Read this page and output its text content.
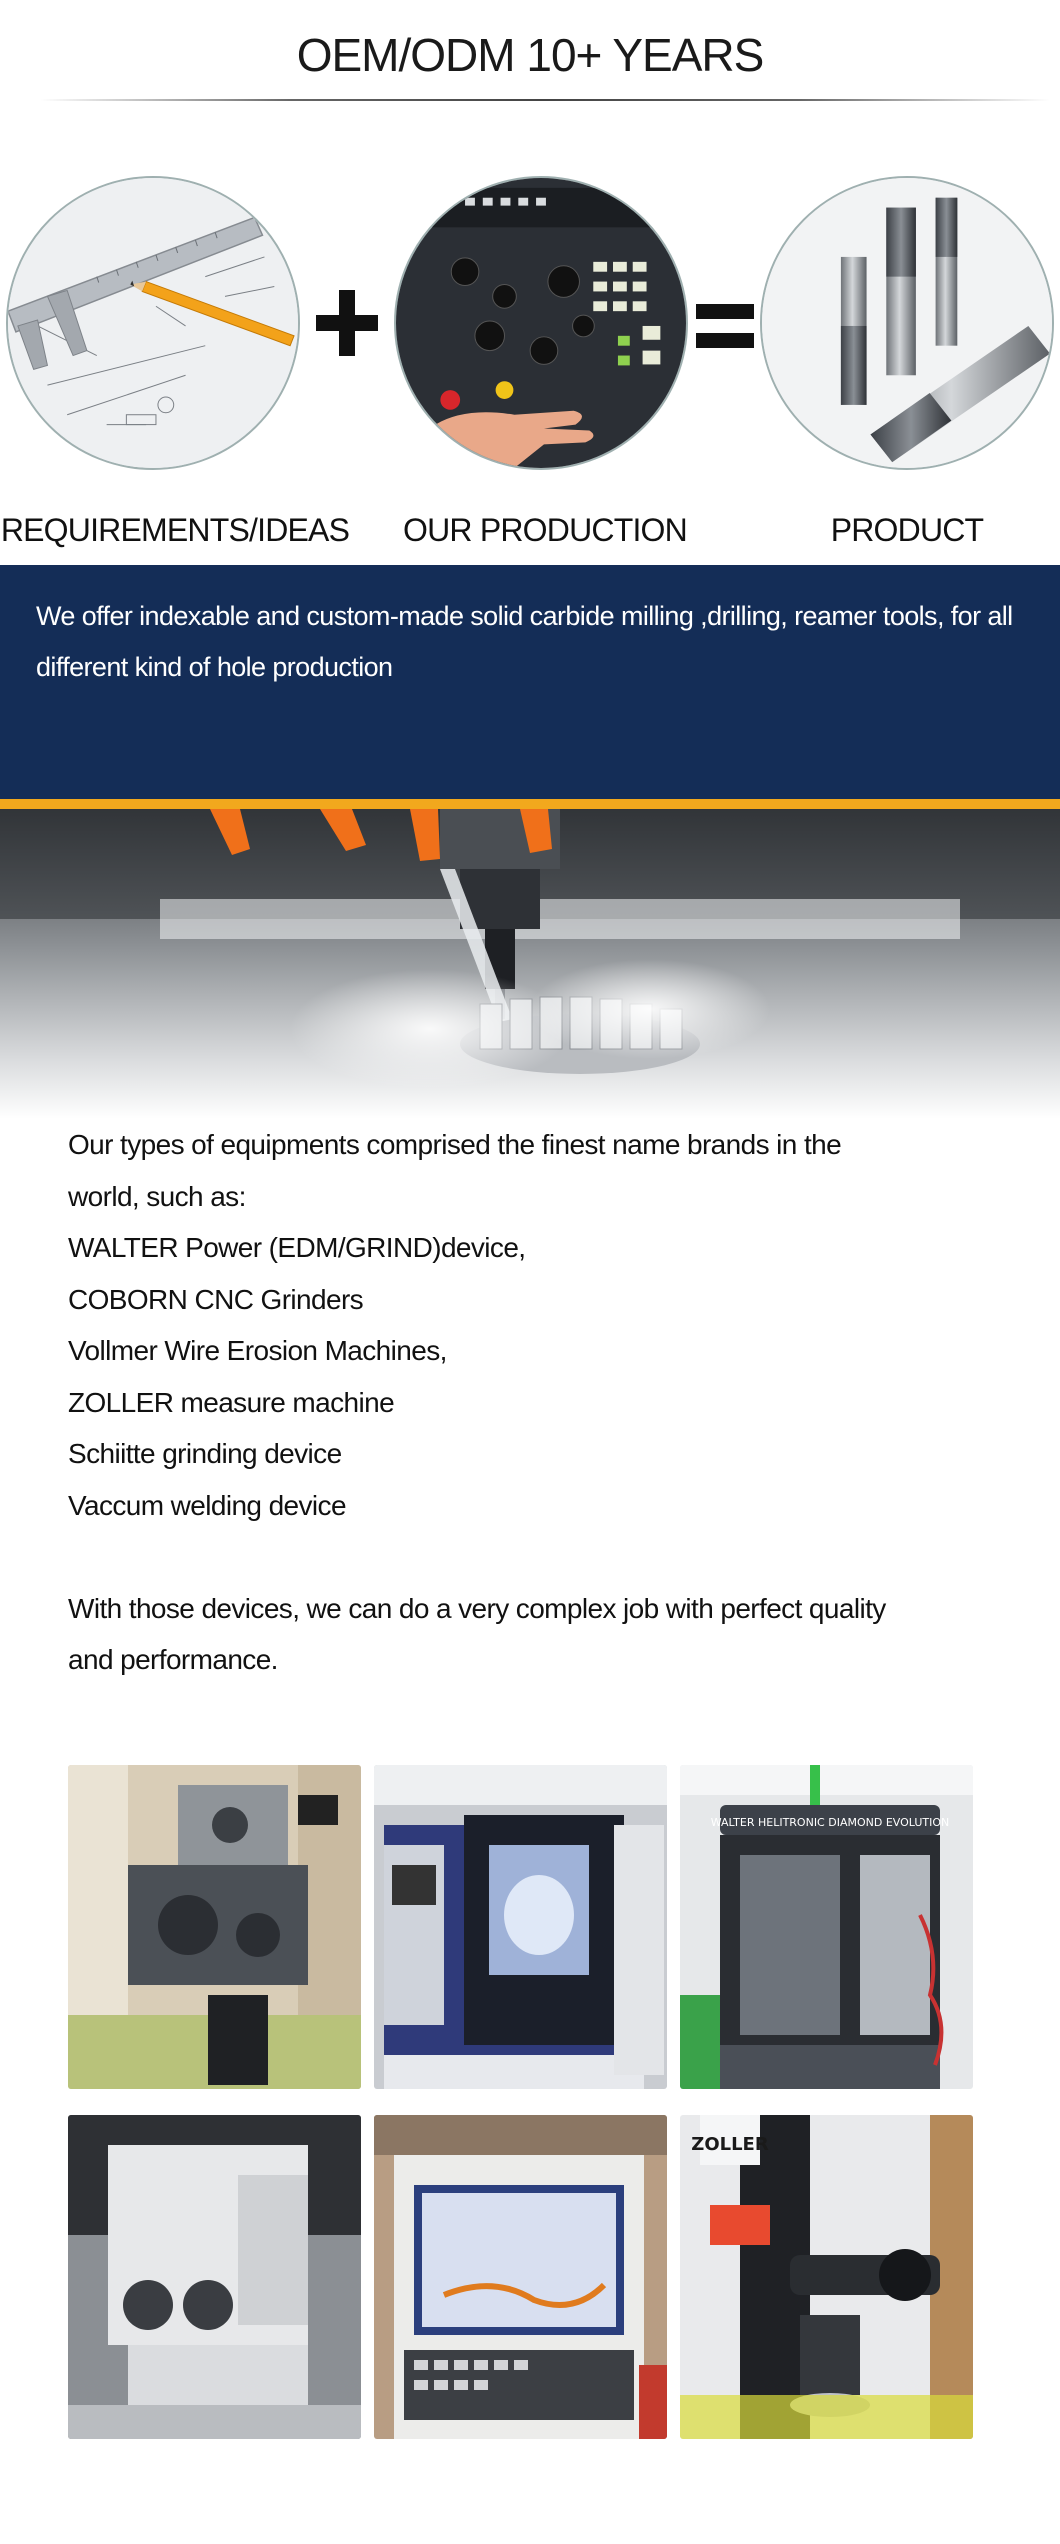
OEM/ODM 10+ YEARS
REQUIREMENTS/IDEAS	OUR PRODUCTION	PRODUCT

We offer indexable and custom-made solid carbide milling ,drilling, reamer tools, for all different kind of hole production

Our types of equipments comprised the finest name brands in the
world, such as:
WALTER Power (EDM/GRIND)device,
COBORN CNC Grinders
Vollmer Wire Erosion Machines,
ZOLLER measure machine
Schiitte grinding device
Vaccum welding device
With those devices, we can do a very complex job with perfect quality
and performance.
WALTER HELITRONIC DIAMOND EVOLUTION
ZOLLER
